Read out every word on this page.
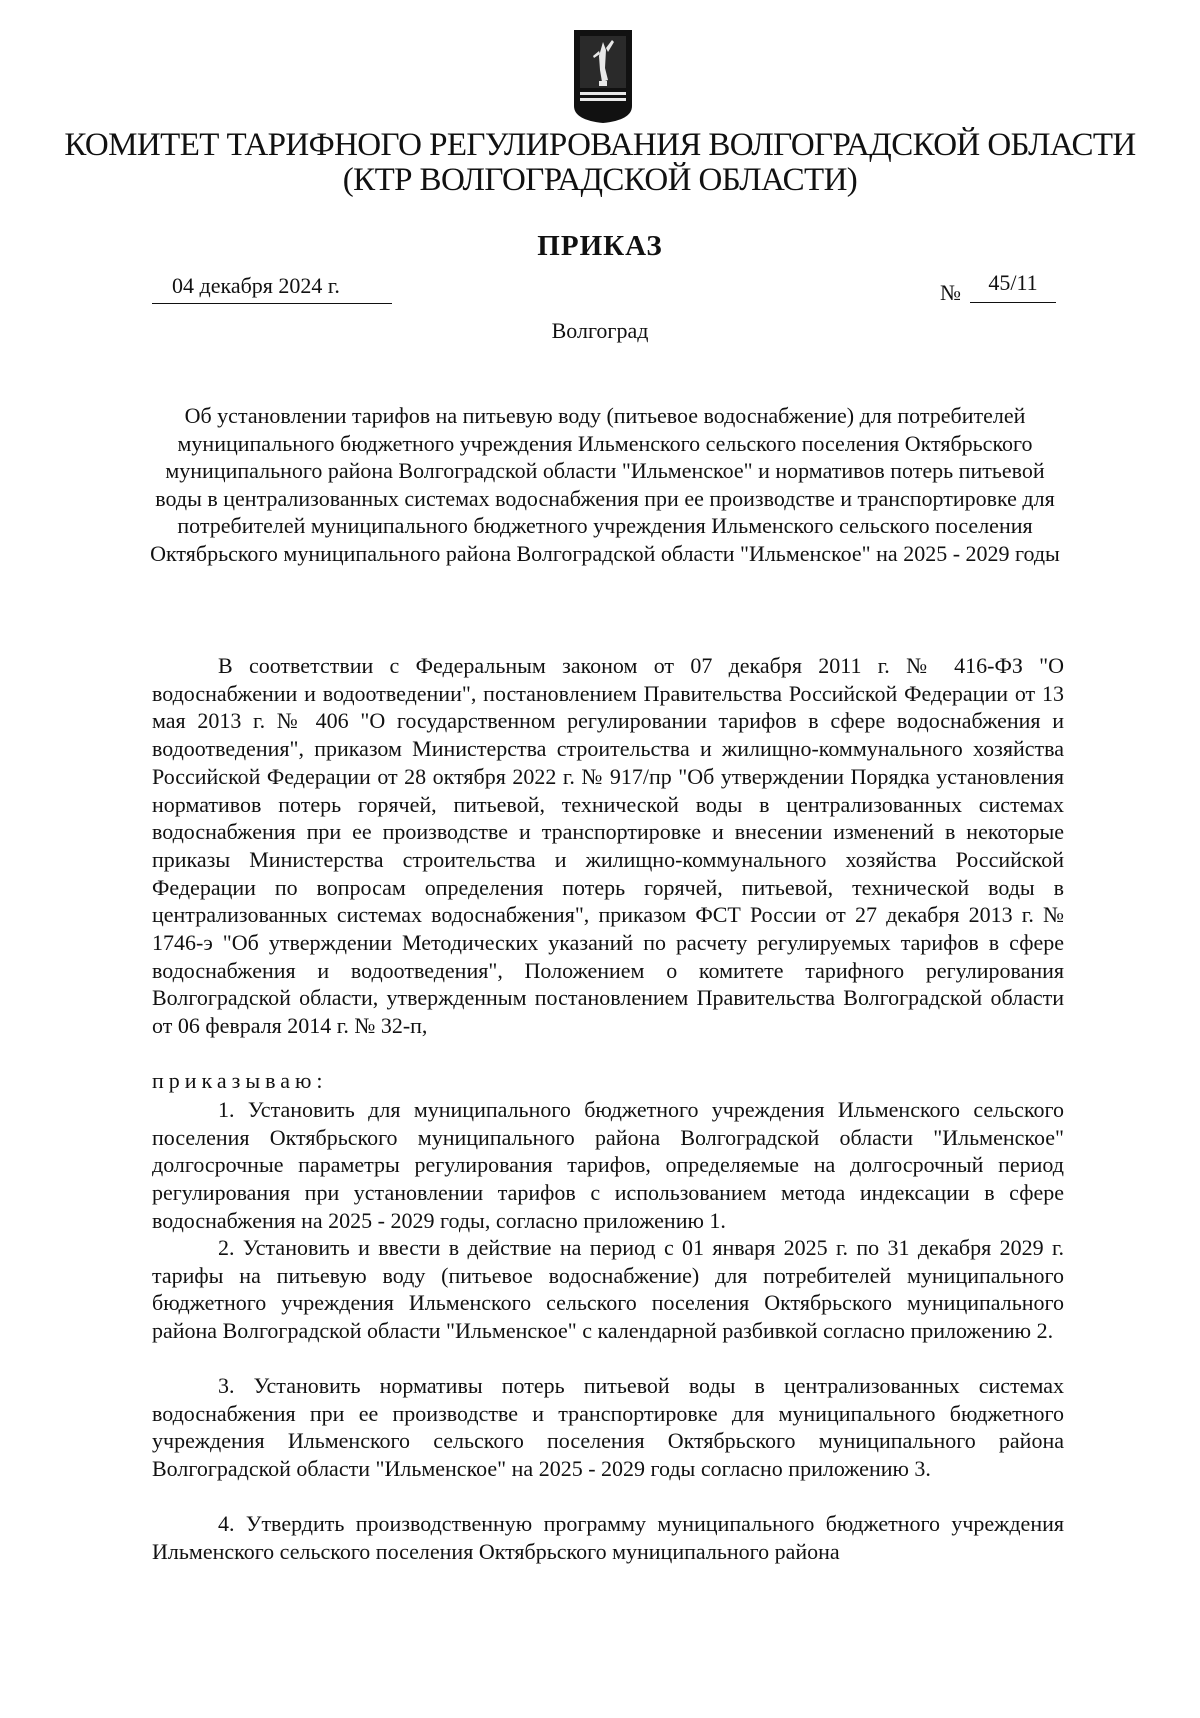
КОМИТЕТ ТАРИФНОГО РЕГУЛИРОВАНИЯ ВОЛГОГРАДСКОЙ ОБЛАСТИ
(КТР ВОЛГОГРАДСКОЙ ОБЛАСТИ)
ПРИКАЗ
04 декабря 2024 г.	№	45/11
Волгоград
Об установлении тарифов на питьевую воду (питьевое водоснабжение) для потребителей муниципального бюджетного учреждения Ильменского сельского поселения Октябрьского муниципального района Волгоградской области "Ильменское" и нормативов потерь питьевой воды в централизованных системах водоснабжения при ее производстве и транспортировке для потребителей муниципального бюджетного учреждения Ильменского сельского поселения Октябрьского муниципального района Волгоградской области "Ильменское" на 2025 - 2029 годы
В соответствии с Федеральным законом от 07 декабря 2011 г. № 416-ФЗ "О водоснабжении и водоотведении", постановлением Правительства Российской Федерации от 13 мая 2013 г. № 406 "О государственном регулировании тарифов в сфере водоснабжения и водоотведения", приказом Министерства строительства и жилищно-коммунального хозяйства Российской Федерации от 28 октября 2022 г. № 917/пр "Об утверждении Порядка установления нормативов потерь горячей, питьевой, технической воды в централизованных системах водоснабжения при ее производстве и транспортировке и внесении изменений в некоторые приказы Министерства строительства и жилищно-коммунального хозяйства Российской Федерации по вопросам определения потерь горячей, питьевой, технической воды в централизованных системах водоснабжения", приказом ФСТ России от 27 декабря 2013 г. № 1746-э "Об утверждении Методических указаний по расчету регулируемых тарифов в сфере водоснабжения и водоотведения", Положением о комитете тарифного регулирования Волгоградской области, утвержденным постановлением Правительства Волгоградской области от 06 февраля 2014 г. № 32-п,
приказываю:
1. Установить для муниципального бюджетного учреждения Ильменского сельского поселения Октябрьского муниципального района Волгоградской области "Ильменское" долгосрочные параметры регулирования тарифов, определяемые на долгосрочный период регулирования при установлении тарифов с использованием метода индексации в сфере водоснабжения на 2025 - 2029 годы, согласно приложению 1.
2. Установить и ввести в действие на период с 01 января 2025 г. по 31 декабря 2029 г. тарифы на питьевую воду (питьевое водоснабжение) для потребителей муниципального бюджетного учреждения Ильменского сельского поселения Октябрьского муниципального района Волгоградской области "Ильменское" с календарной разбивкой согласно приложению 2.
3. Установить нормативы потерь питьевой воды в централизованных системах водоснабжения при ее производстве и транспортировке для муниципального бюджетного учреждения Ильменского сельского поселения Октябрьского муниципального района Волгоградской области "Ильменское" на 2025 - 2029 годы согласно приложению 3.
4. Утвердить производственную программу муниципального бюджетного учреждения Ильменского сельского поселения Октябрьского муниципального района
